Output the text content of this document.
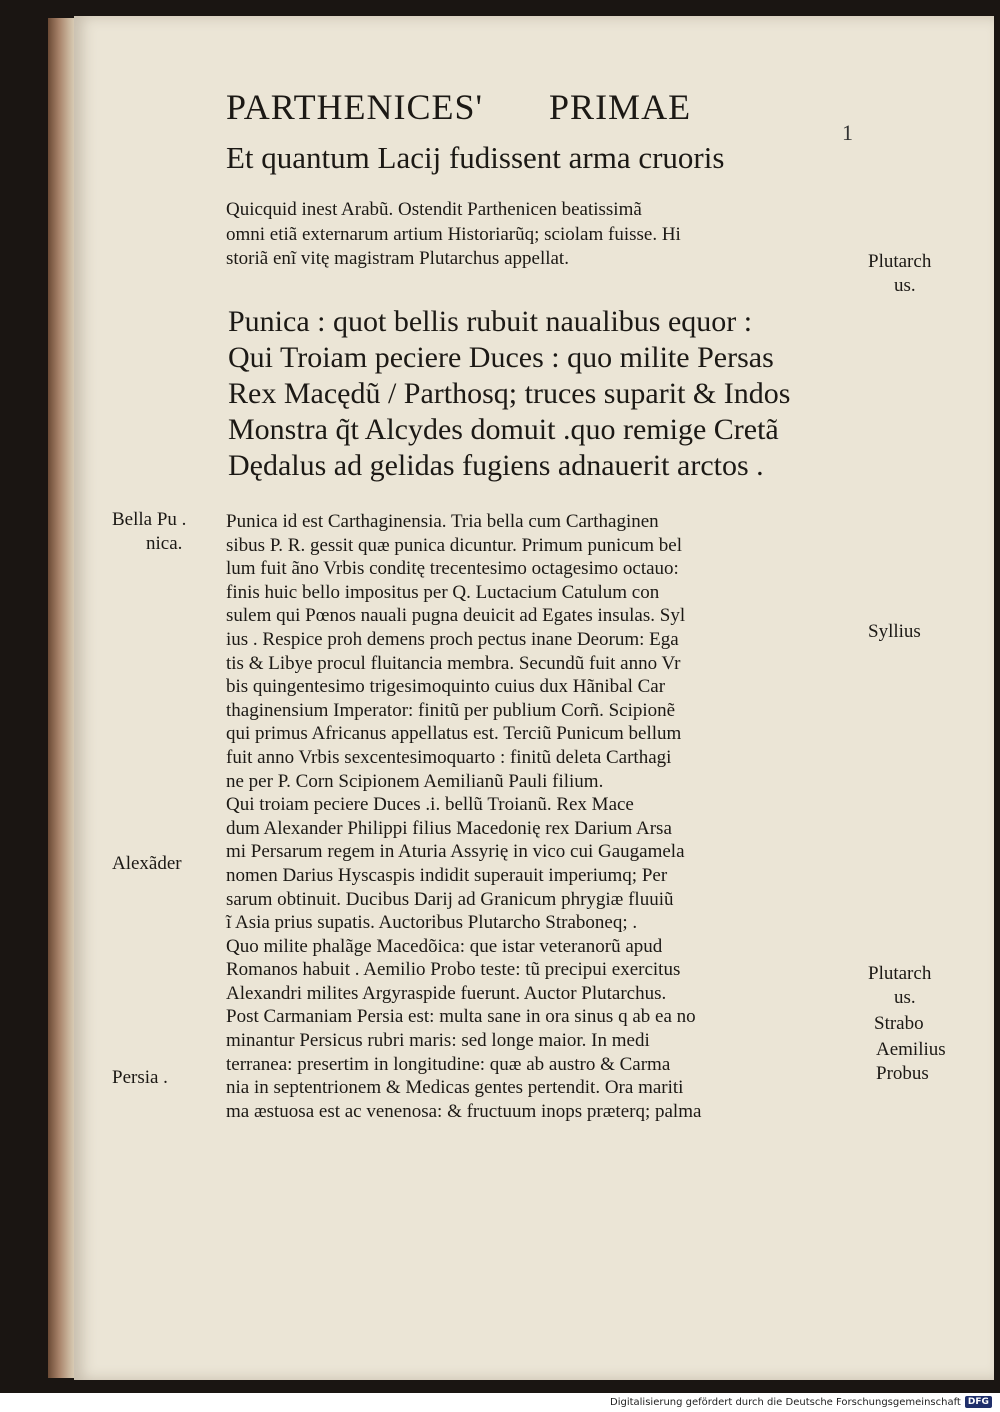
PARTHENICES' PRIMAE
1
Et quantum Lacij fudissent arma cruoris
Quicquid inest Arabũ. Ostendit Parthenicen beatissimã
omni etiã externarum artium Historiarũq; sciolam fuisse. Hi
storiã enĩ vitę magistram Plutarchus appellat.
Punica : quot bellis rubuit naualibus equor :
Qui Troiam peciere Duces : quo milite Persas
Rex Macędũ / Parthosq; truces suparit & Indos
Monstra q̃t Alcydes domuit .quo remige Cretã
Dędalus ad gelidas fugiens adnauerit arctos .
Punica id est Carthaginensia. Tria bella cum Carthaginen
sibus P. R. gessit quæ punica dicuntur. Primum punicum bel
lum fuit ãno Vrbis conditę trecentesimo octagesimo octauo:
finis huic bello impositus per Q. Luctacium Catulum con
sulem qui Pœnos nauali pugna deuicit ad Egates insulas. Syl
ius . Respice proh demens proch pectus inane Deorum: Ega
tis & Libye procul fluitancia membra. Secundũ fuit anno Vr
bis quingentesimo trigesimoquinto cuius dux Hãnibal Car
thaginensium Imperator: finitũ per publium Corñ. Scipionẽ
qui primus Africanus appellatus est. Terciũ Punicum bellum
fuit anno Vrbis sexcentesimoquarto : finitũ deleta Carthagi
ne per P. Corn Scipionem Aemilianũ Pauli filium.
Qui troiam peciere Duces .i. bellũ Troianũ. Rex Mace
dum Alexander Philippi filius Macedonię rex Darium Arsa
mi Persarum regem in Aturia Assyrię in vico cui Gaugamela
nomen Darius Hyscaspis indidit superauit imperiumq; Per
sarum obtinuit. Ducibus Darij ad Granicum phrygiæ fluuiũ
ĩ Asia prius supatis. Auctoribus Plutarcho Straboneq; .
Quo milite phalãge Macedõica: que istar veteranorũ apud
Romanos habuit . Aemilio Probo teste: tũ precipui exercitus
Alexandri milites Argyraspide fuerunt. Auctor Plutarchus.
Post Carmaniam Persia est: multa sane in ora sinus q ab ea no
minantur Persicus rubri maris: sed longe maior. In medi
terranea: presertim in longitudine: quæ ab austro & Carma
nia in septentrionem & Medicas gentes pertendit. Ora mariti
ma æstuosa est ac venenosa: & fructuum inops præterq; palma
Plutarch
us.
Syllius
Plutarch
us.
Strabo
Aemilius
Probus
Bella Pu .
nica.
Alexãder
Persia .
Digitalisierung gefördert durch die Deutsche Forschungsgemeinschaft DFG
